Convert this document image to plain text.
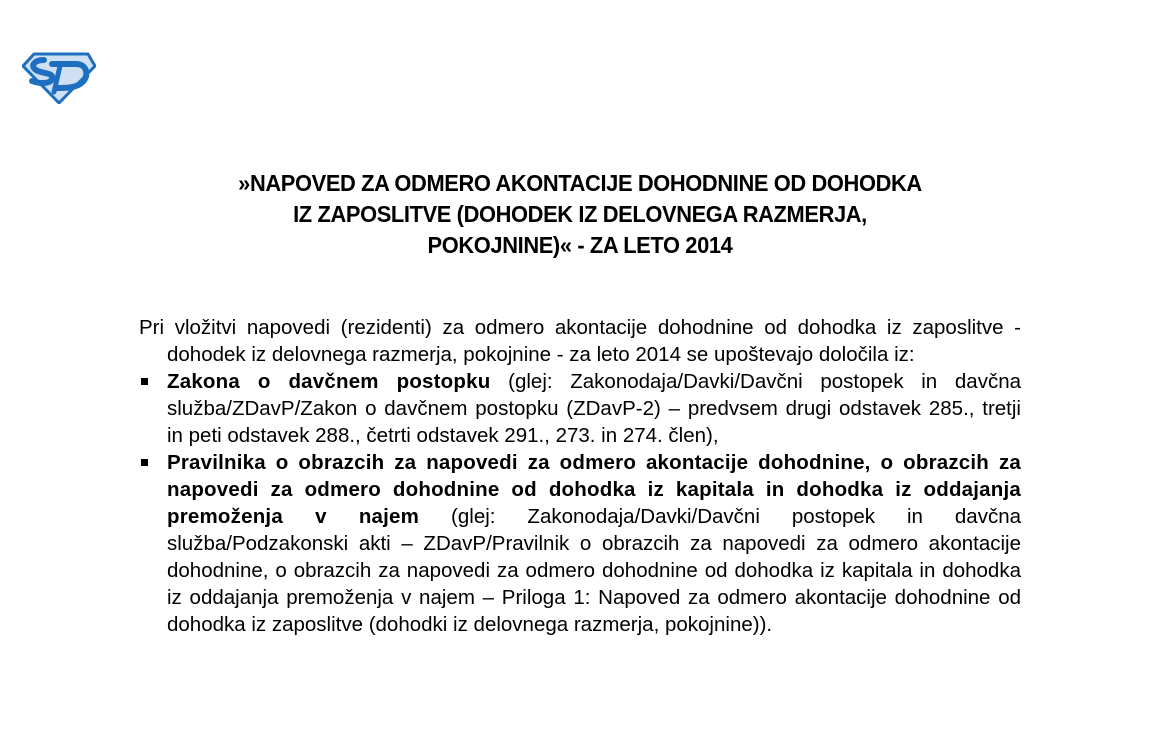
»NAPOVED ZA ODMERO AKONTACIJE DOHODNINE OD DOHODKA
IZ ZAPOSLITVE (DOHODEK IZ DELOVNEGA RAZMERJA,
POKOJNINE)« - ZA LETO 2014

Pri vložitvi napovedi (rezidenti) za odmero akontacije dohodnine od dohodka iz zaposlitve - dohodek iz delovnega razmerja, pokojnine - za leto 2014 se upoštevajo določila iz:

Zakona o davčnem postopku (glej: Zakonodaja/Davki/Davčni postopek in davčna služba/ZDavP/Zakon o davčnem postopku (ZDavP-2) – predvsem drugi odstavek 285., tretji in peti odstavek 288., četrti odstavek 291., 273. in 274. člen),

Pravilnika o obrazcih za napovedi za odmero akontacije dohodnine, o obrazcih za napovedi za odmero dohodnine od dohodka iz kapitala in dohodka iz oddajanja premoženja v najem (glej: Zakonodaja/Davki/Davčni postopek in davčna služba/Podzakonski akti – ZDavP/Pravilnik o obrazcih za napovedi za odmero akontacije dohodnine, o obrazcih za napovedi za odmero dohodnine od dohodka iz kapitala in dohodka iz oddajanja premoženja v najem – Priloga 1: Napoved za odmero akontacije dohodnine od dohodka iz zaposlitve (dohodki iz delovnega razmerja, pokojnine)).
